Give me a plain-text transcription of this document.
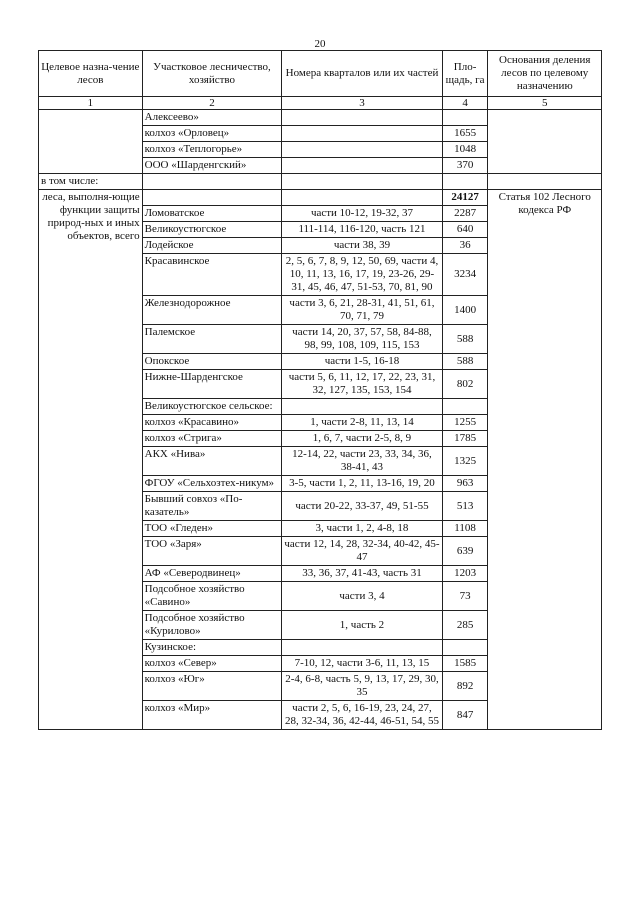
20
Целевое назна-чение лесов	Участковое лесничество, хозяйство	Номера кварталов или их частей	Пло-щадь, га	Основания деления лесов по целевому назначению
1	2	3	4	5
	Алексеево»			
	колхоз «Орловец»		1655	
	колхоз «Теплогорье»		1048	
	ООО «Шарденгский»		370	
в том числе:				
леса, выполня-ющие функции защиты природ-ных и иных объектов, всего			24127	Статья 102 Лесного кодекса РФ
	Ломоватское	части 10-12, 19-32, 37	2287	
	Великоустюгское	111-114, 116-120, часть 121	640	
	Лодейское	части 38, 39	36	
	Красавинское	2, 5, 6, 7, 8, 9, 12, 50, 69, части 4, 10, 11, 13, 16, 17, 19, 23-26, 29-31, 45, 46, 47, 51-53, 70, 81, 90	3234	
	Железнодорожное	части 3, 6, 21, 28-31, 41, 51, 61, 70, 71, 79	1400	
	Палемское	части 14, 20, 37, 57, 58, 84-88, 98, 99, 108, 109, 115, 153	588	
	Опокское	части 1-5, 16-18	588	
	Нижне-Шарденгское	части 5, 6, 11, 12, 17, 22, 23, 31, 32, 127, 135, 153, 154	802	
	Великоустюгское сельское:			
	колхоз «Красавино»	1, части 2-8, 11, 13, 14	1255	
	колхоз «Стрига»	1, 6, 7, части 2-5, 8, 9	1785	
	АКХ «Нива»	12-14, 22, части 23, 33, 34, 36, 38-41, 43	1325	
	ФГОУ «Сельхозтех-никум»	3-5, части 1, 2, 11, 13-16, 19, 20	963	
	Бывший совхоз «По-казатель»	части 20-22, 33-37, 49, 51-55	513	
	ТОО «Гледен»	3, части 1, 2, 4-8, 18	1108	
	ТОО «Заря»	части 12, 14, 28, 32-34, 40-42, 45-47	639	
	АФ «Северодвинец»	33, 36, 37, 41-43, часть 31	1203	
	Подсобное хозяйство «Савино»	части 3, 4	73	
	Подсобное хозяйство «Курилово»	1, часть 2	285	
	Кузинское:			
	колхоз «Север»	7-10, 12, части 3-6, 11, 13, 15	1585	
	колхоз «Юг»	2-4, 6-8, часть 5, 9, 13, 17, 29, 30, 35	892	
	колхоз «Мир»	части 2, 5, 6, 16-19, 23, 24, 27, 28, 32-34, 36, 42-44, 46-51, 54, 55	847	
